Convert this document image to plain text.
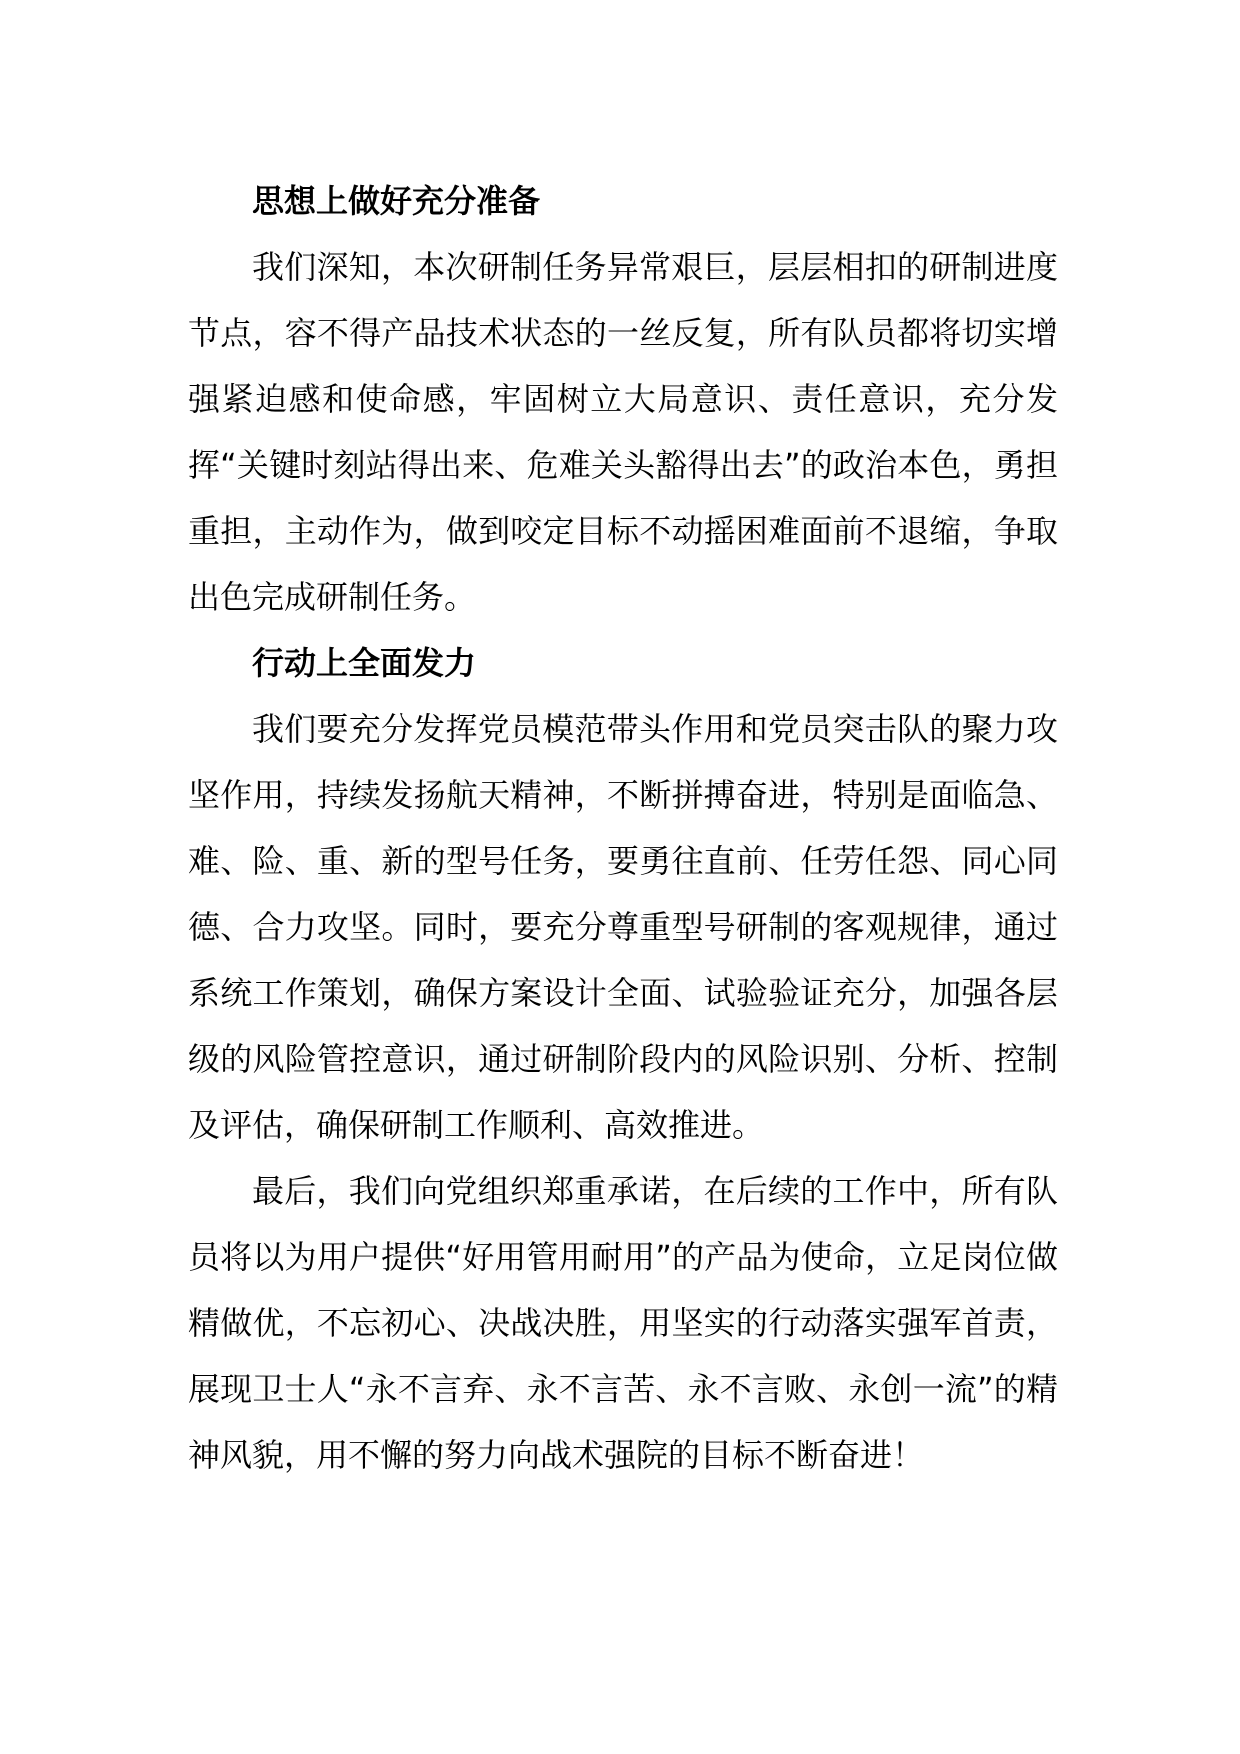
思想上做好充分准备

我们深知，本次研制任务异常艰巨，层层相扣的研制进度节点，容不得产品技术状态的一丝反复，所有队员都将切实增强紧迫感和使命感，牢固树立大局意识、责任意识，充分发挥“关键时刻站得出来、危难关头豁得出去”的政治本色，勇担重担，主动作为，做到咬定目标不动摇困难面前不退缩，争取出色完成研制任务。

行动上全面发力

我们要充分发挥党员模范带头作用和党员突击队的聚力攻坚作用，持续发扬航天精神，不断拼搏奋进，特别是面临急、难、险、重、新的型号任务，要勇往直前、任劳任怨、同心同德、合力攻坚。同时，要充分尊重型号研制的客观规律，通过系统工作策划，确保方案设计全面、试验验证充分，加强各层级的风险管控意识，通过研制阶段内的风险识别、分析、控制及评估，确保研制工作顺利、高效推进。

最后，我们向党组织郑重承诺，在后续的工作中，所有队员将以为用户提供“好用管用耐用”的产品为使命，立足岗位做精做优，不忘初心、决战决胜，用坚实的行动落实强军首责，展现卫士人“永不言弃、永不言苦、永不言败、永创一流”的精神风貌，用不懈的努力向战术强院的目标不断奋进！
